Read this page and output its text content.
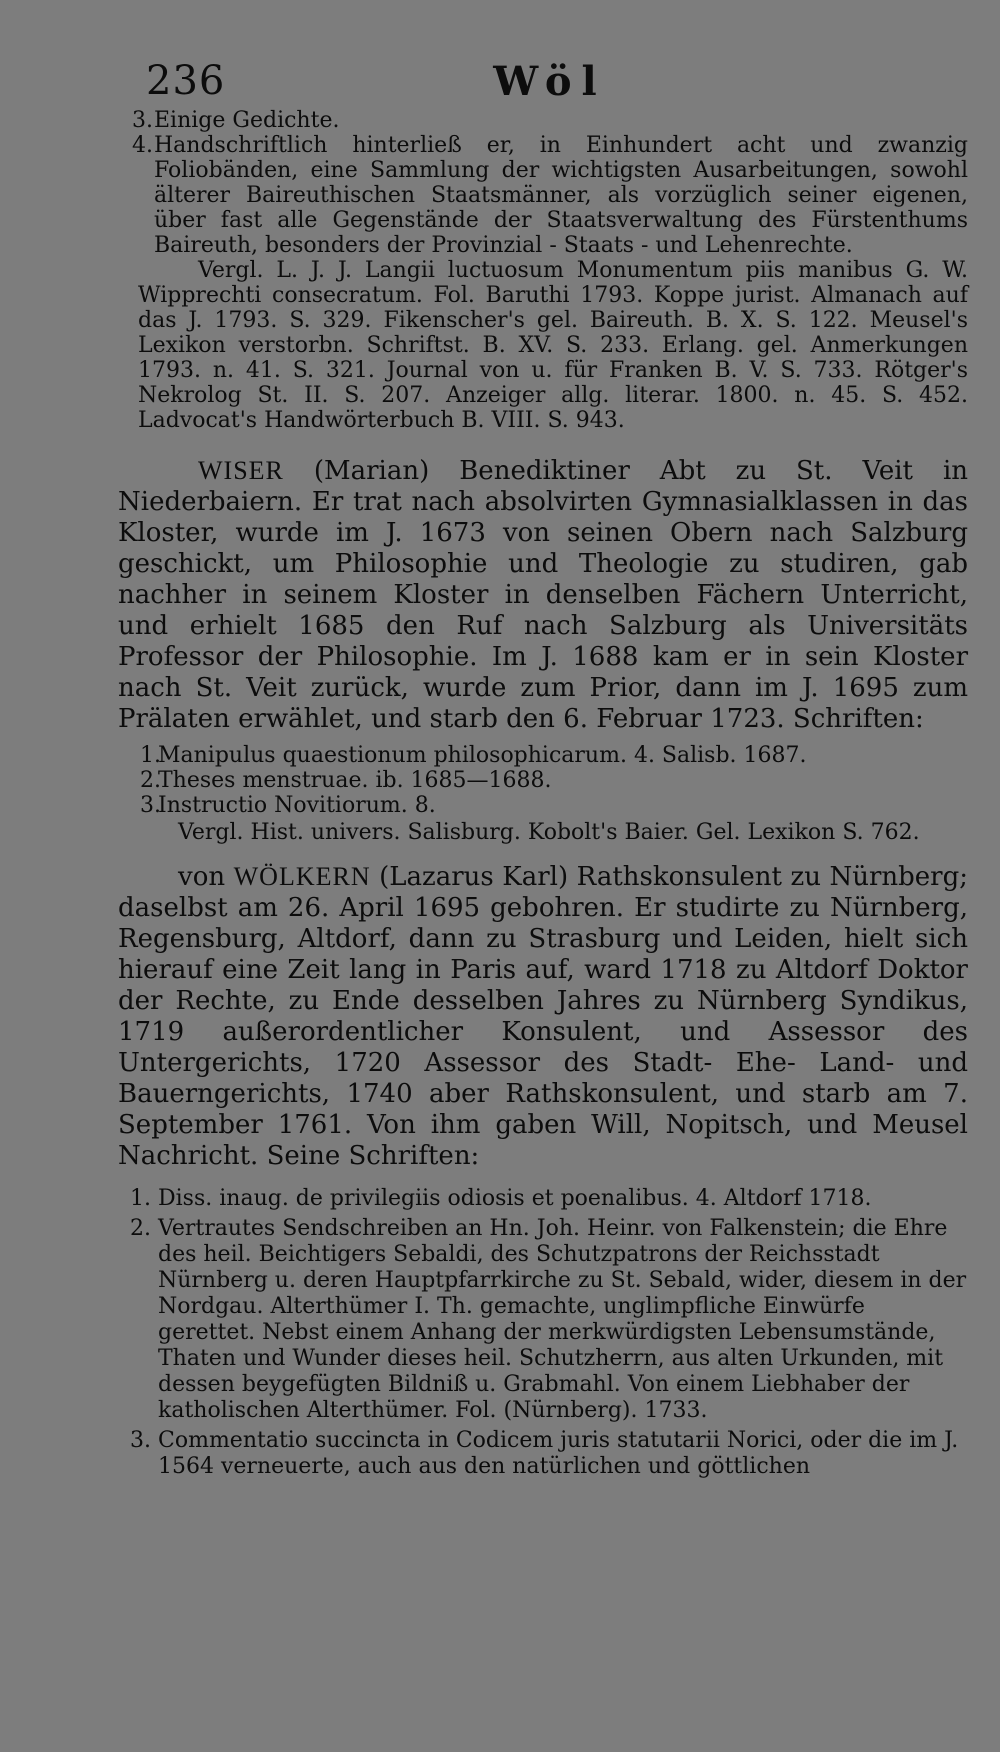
236	Wöl

3. Einige Gedichte.

4. Handschriftlich hinterließ er, in Einhundert acht und zwanzig Foliobänden, eine Sammlung der wichtigsten Ausarbeitungen, sowohl älterer Baireuthischen Staatsmänner, als vorzüglich seiner eigenen, über fast alle Gegenstände der Staatsverwaltung des Fürstenthums Baireuth, besonders der Provinzial - Staats - und Lehenrechte.

Vergl. L. J. J. Langii luctuosum Monumentum piis manibus G. W. Wipprechti consecratum. Fol. Baruthi 1793. Koppe jurist. Almanach auf das J. 1793. S. 329. Fikenscher's gel. Baireuth. B. X. S. 122. Meusel's Lexikon verstorbn. Schriftst. B. XV. S. 233. Erlang. gel. Anmerkungen 1793. n. 41. S. 321. Journal von u. für Franken B. V. S. 733. Rötger's Nekrolog St. II. S. 207. Anzeiger allg. literar. 1800. n. 45. S. 452. Ladvocat's Handwörterbuch B. VIII. S. 943.

WISER (Marian) Benediktiner Abt zu St. Veit in Niederbaiern. Er trat nach absolvirten Gymnasialklassen in das Kloster, wurde im J. 1673 von seinen Obern nach Salzburg geschickt, um Philosophie und Theologie zu studiren, gab nachher in seinem Kloster in denselben Fächern Unterricht, und erhielt 1685 den Ruf nach Salzburg als Universitäts Professor der Philosophie. Im J. 1688 kam er in sein Kloster nach St. Veit zurück, wurde zum Prior, dann im J. 1695 zum Prälaten erwählet, und starb den 6. Februar 1723. Schriften:

1.
Manipulus quaestionum philosophicarum. 4. Salisb. 1687.

2.
Theses menstruae. ib. 1685—1688.

3.
Instructio Novitiorum. 8.

Vergl. Hist. univers. Salisburg. Kobolt's Baier. Gel. Lexikon S. 762.

von WÖLKERN (Lazarus Karl) Rathskonsulent zu Nürnberg; daselbst am 26. April 1695 gebohren. Er studirte zu Nürnberg, Regensburg, Altdorf, dann zu Strasburg und Leiden, hielt sich hierauf eine Zeit lang in Paris auf, ward 1718 zu Altdorf Doktor der Rechte, zu Ende desselben Jahres zu Nürnberg Syndikus, 1719 außerordentlicher Konsulent, und Assessor des Untergerichts, 1720 Assessor des Stadt- Ehe- Land- und Bauerngerichts, 1740 aber Rathskonsulent, und starb am 7. September 1761. Von ihm gaben Will, Nopitsch, und Meusel Nachricht. Seine Schriften:

1. Diss. inaug. de privilegiis odiosis et poenalibus. 4. Altdorf 1718.

2. Vertrautes Sendschreiben an Hn. Joh. Heinr. von Falkenstein; die Ehre des heil. Beichtigers Sebaldi, des Schutzpatrons der Reichsstadt Nürnberg u. deren Hauptpfarrkirche zu St. Sebald, wider, diesem in der Nordgau. Alterthümer I. Th. gemachte, unglimpfliche Einwürfe gerettet. Nebst einem Anhang der merkwürdigsten Lebensumstände, Thaten und Wunder dieses heil. Schutzherrn, aus alten Urkunden, mit dessen beygefügten Bildniß u. Grabmahl. Von einem Liebhaber der katholischen Alterthümer. Fol. (Nürnberg). 1733.

3. Commentatio succincta in Codicem juris statutarii Norici, oder die im J. 1564 verneuerte, auch aus den natürlichen und göttlichen
